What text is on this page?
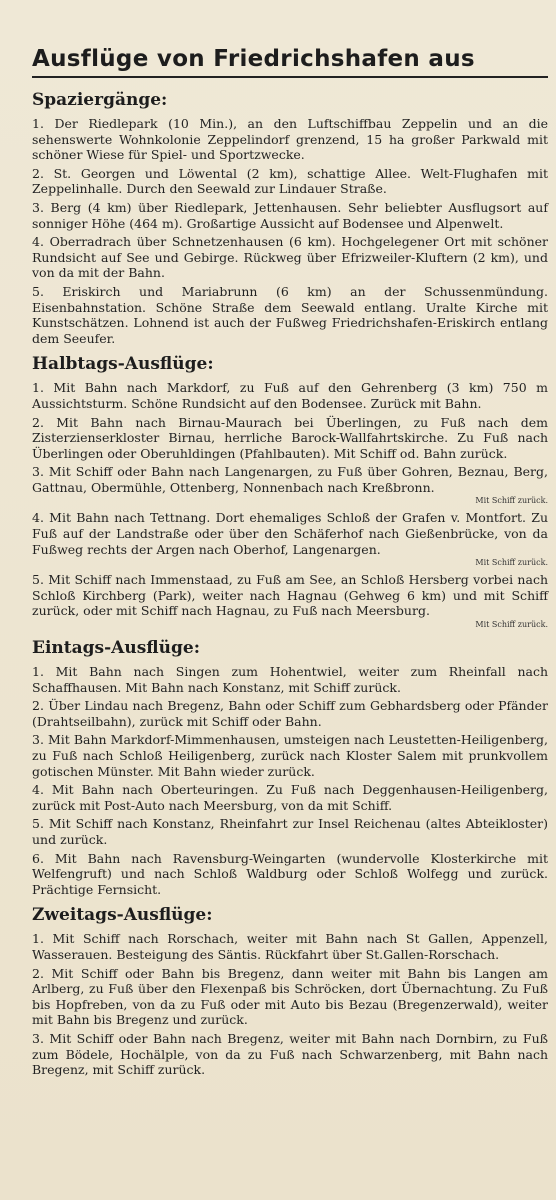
Ausflüge von Friedrichshafen aus
Spaziergänge:

1. Der Riedlepark (10 Min.), an den Luftschiffbau Zeppelin und an die sehenswerte Wohnkolonie Zeppelindorf grenzend, 15 ha großer Parkwald mit schöner Wiese für Spiel- und Sportzwecke.

2. St. Georgen und Löwental (2 km), schattige Allee. Welt-Flughafen mit Zeppelinhalle. Durch den Seewald zur Lindauer Straße.

3. Berg (4 km) über Riedlepark, Jettenhausen. Sehr beliebter Ausflugsort auf sonniger Höhe (464 m). Großartige Aussicht auf Bodensee und Alpenwelt.

4. Oberradrach über Schnetzenhausen (6 km). Hochgelegener Ort mit schöner Rundsicht auf See und Gebirge. Rückweg über Efrizweiler-Kluftern (2 km), und von da mit der Bahn.

5. Eriskirch und Mariabrunn (6 km) an der Schussenmündung. Eisenbahnstation. Schöne Straße dem Seewald entlang. Uralte Kirche mit Kunstschätzen. Lohnend ist auch der Fußweg Friedrichshafen-Eriskirch entlang dem Seeufer.

Halbtags-Ausflüge:

1. Mit Bahn nach Markdorf, zu Fuß auf den Gehrenberg (3 km) 750 m Aussichtsturm. Schöne Rundsicht auf den Bodensee. Zurück mit Bahn.

2. Mit Bahn nach Birnau-Maurach bei Überlingen, zu Fuß nach dem Zisterzienserkloster Birnau, herrliche Barock-Wallfahrtskirche. Zu Fuß nach Überlingen oder Oberuhldingen (Pfahlbauten). Mit Schiff od. Bahn zurück.

3. Mit Schiff oder Bahn nach Langenargen, zu Fuß über Gohren, Beznau, Berg, Gattnau, Obermühle, Ottenberg, Nonnenbach nach Kreßbronn.

Mit Schiff zurück.

4. Mit Bahn nach Tettnang. Dort ehemaliges Schloß der Grafen v. Montfort. Zu Fuß auf der Landstraße oder über den Schäferhof nach Gießenbrücke, von da Fußweg rechts der Argen nach Oberhof, Langenargen.

Mit Schiff zurück.

5. Mit Schiff nach Immenstaad, zu Fuß am See, an Schloß Hersberg vorbei nach Schloß Kirchberg (Park), weiter nach Hagnau (Gehweg 6 km) und mit Schiff zurück, oder mit Schiff nach Hagnau, zu Fuß nach Meersburg.

Mit Schiff zurück.
Eintags-Ausflüge:

1. Mit Bahn nach Singen zum Hohentwiel, weiter zum Rheinfall nach Schaffhausen. Mit Bahn nach Konstanz, mit Schiff zurück.

2. Über Lindau nach Bregenz, Bahn oder Schiff zum Gebhardsberg oder Pfänder (Drahtseilbahn), zurück mit Schiff oder Bahn.

3. Mit Bahn Markdorf-Mimmenhausen, umsteigen nach Leustetten-Heiligenberg, zu Fuß nach Schloß Heiligenberg, zurück nach Kloster Salem mit prunkvollem gotischen Münster. Mit Bahn wieder zurück.

4. Mit Bahn nach Oberteuringen. Zu Fuß nach Deggenhausen-Heiligenberg, zurück mit Post-Auto nach Meersburg, von da mit Schiff.

5. Mit Schiff nach Konstanz, Rheinfahrt zur Insel Reichenau (altes Abteikloster) und zurück.

6. Mit Bahn nach Ravensburg-Weingarten (wundervolle Klosterkirche mit Welfengruft) und nach Schloß Waldburg oder Schloß Wolfegg und zurück. Prächtige Fernsicht.

Zweitags-Ausflüge:

1. Mit Schiff nach Rorschach, weiter mit Bahn nach St Gallen, Appenzell, Wasserauen. Besteigung des Säntis. Rückfahrt über St.Gallen-Rorschach.

2. Mit Schiff oder Bahn bis Bregenz, dann weiter mit Bahn bis Langen am Arlberg, zu Fuß über den Flexenpaß bis Schröcken, dort Übernachtung. Zu Fuß bis Hopfreben, von da zu Fuß oder mit Auto bis Bezau (Bregenzerwald), weiter mit Bahn bis Bregenz und zurück.

3. Mit Schiff oder Bahn nach Bregenz, weiter mit Bahn nach Dornbirn, zu Fuß zum Bödele, Hochälple, von da zu Fuß nach Schwarzenberg, mit Bahn nach Bregenz, mit Schiff zurück.
